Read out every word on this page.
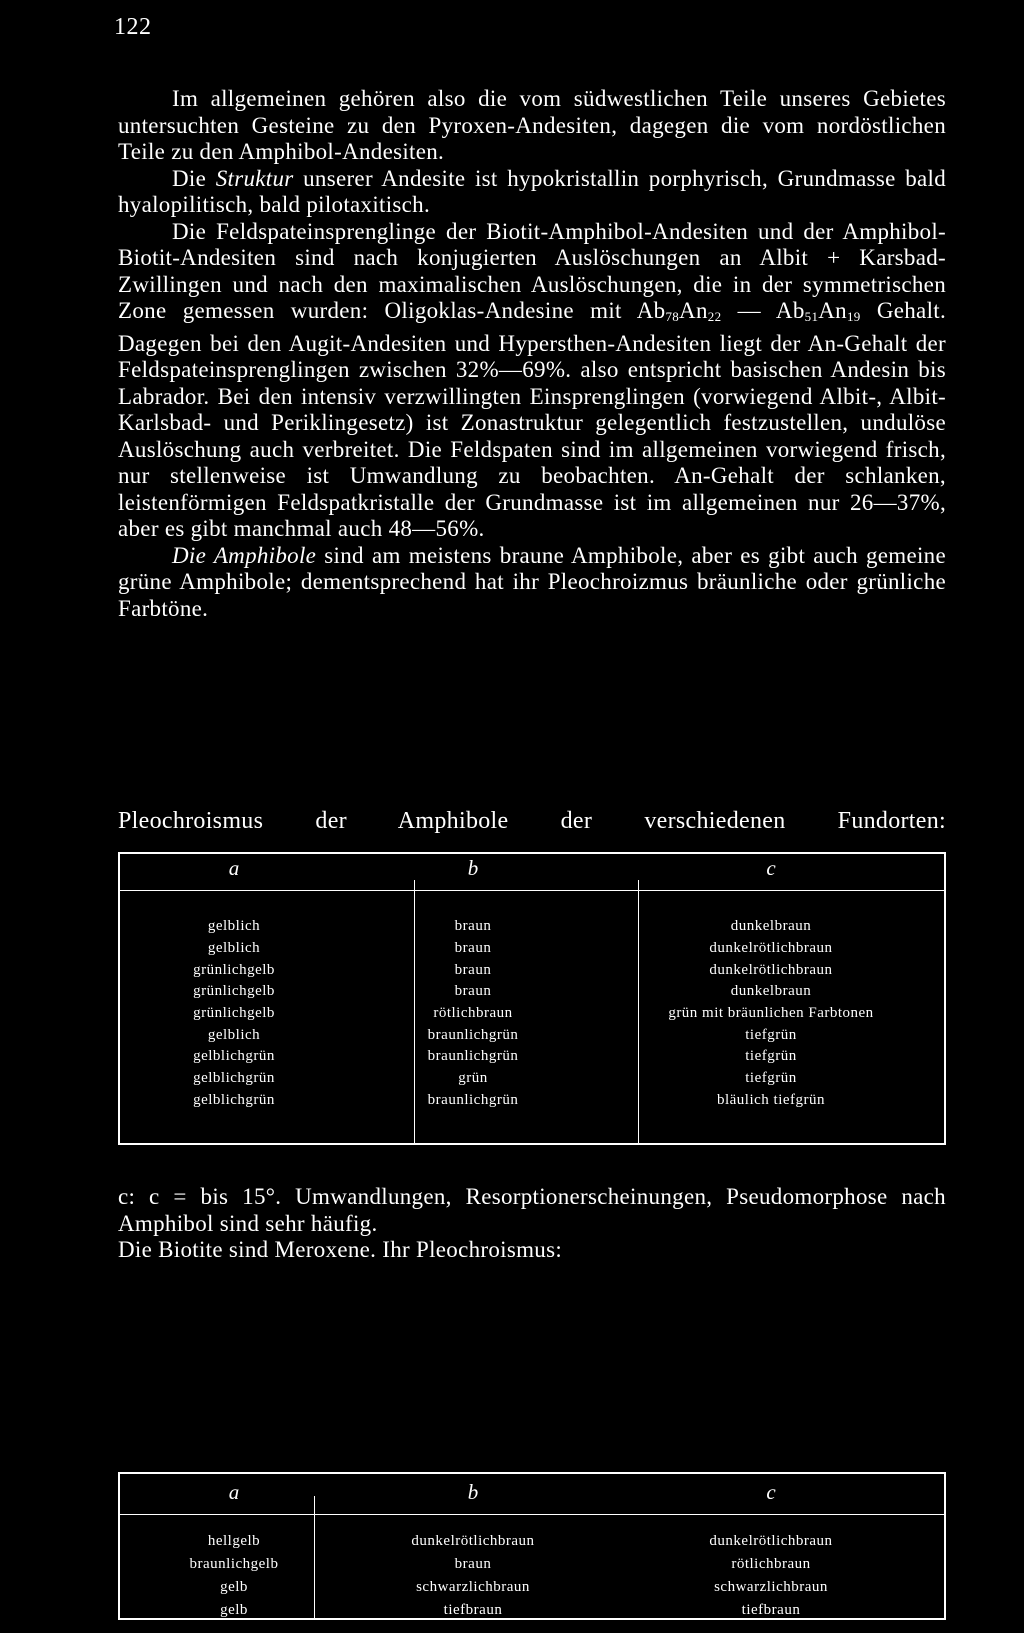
122

Im allgemeinen gehören also die vom südwestlichen Teile unseres Gebietes untersuchten Gesteine zu den Pyroxen-Andesiten, dagegen die vom nordöstlichen Teile zu den Amphibol-Andesiten.

Die Struktur unserer Andesite ist hypokristallin porphyrisch, Grundmasse bald hyalopilitisch, bald pilotaxitisch.

Die Feldspateinsprenglinge der Biotit-Amphibol-Andesiten und der Amphibol-Biotit-Andesiten sind nach konjugierten Auslöschungen an Albit + Karsbad-Zwillingen und nach den maximalischen Auslöschungen, die in der symmetrischen Zone gemessen wurden: Oligoklas-Andesine mit $Ab_{78}An_{22}$ — $Ab_{51}An_{19}$ Gehalt. Dagegen bei den Augit-Andesiten und Hypersthen-Andesiten liegt der An-Gehalt der Feldspateinsprenglingen zwischen 32%—69%. also entspricht basischen Andesin bis Labrador. Bei den intensiv verzwillingten Einsprenglingen (vorwiegend Albit-, Albit-Karlsbad- und Periklingesetz) ist Zonastruktur gelegentlich festzustellen, undulöse Auslöschung auch verbreitet. Die Feldspaten sind im allgemeinen vorwiegend frisch, nur stellenweise ist Umwandlung zu beobachten. An-Gehalt der schlanken, leistenförmigen Feldspatkristalle der Grundmasse ist im allgemeinen nur 26—37%, aber es gibt manchmal auch 48—56%.

Die Amphibole sind am meistens braune Amphibole, aber es gibt auch gemeine grüne Amphibole; dementsprechend hat ihr Pleochroizmus bräunliche oder grünliche Farbtöne.

Pleochroismus der Amphibole der verschiedenen Fundorten:
a	b	c
gelblich	braun	dunkelbraun
gelblich	braun	dunkelrötlichbraun
grünlichgelb	braun	dunkelrötlichbraun
grünlichgelb	braun	dunkelbraun
grünlichgelb	rötlichbraun	grün mit bräunlichen Farbtonen
gelblich	braunlichgrün	tiefgrün
gelblichgrün	braunlichgrün	tiefgrün
gelblichgrün	grün	tiefgrün
gelblichgrün	braunlichgrün	bläulich tiefgrün

c: c = bis 15°. Umwandlungen, Resorptionerscheinungen, Pseudomorphose nach Amphibol sind sehr häufig.

Die Biotite sind Meroxene. Ihr Pleochroismus:

a	b	c
hellgelb	dunkelrötlichbraun	dunkelrötlichbraun
braunlichgelb	braun	rötlichbraun
gelb	schwarzlichbraun	schwarzlichbraun
gelb	tiefbraun	tiefbraun
